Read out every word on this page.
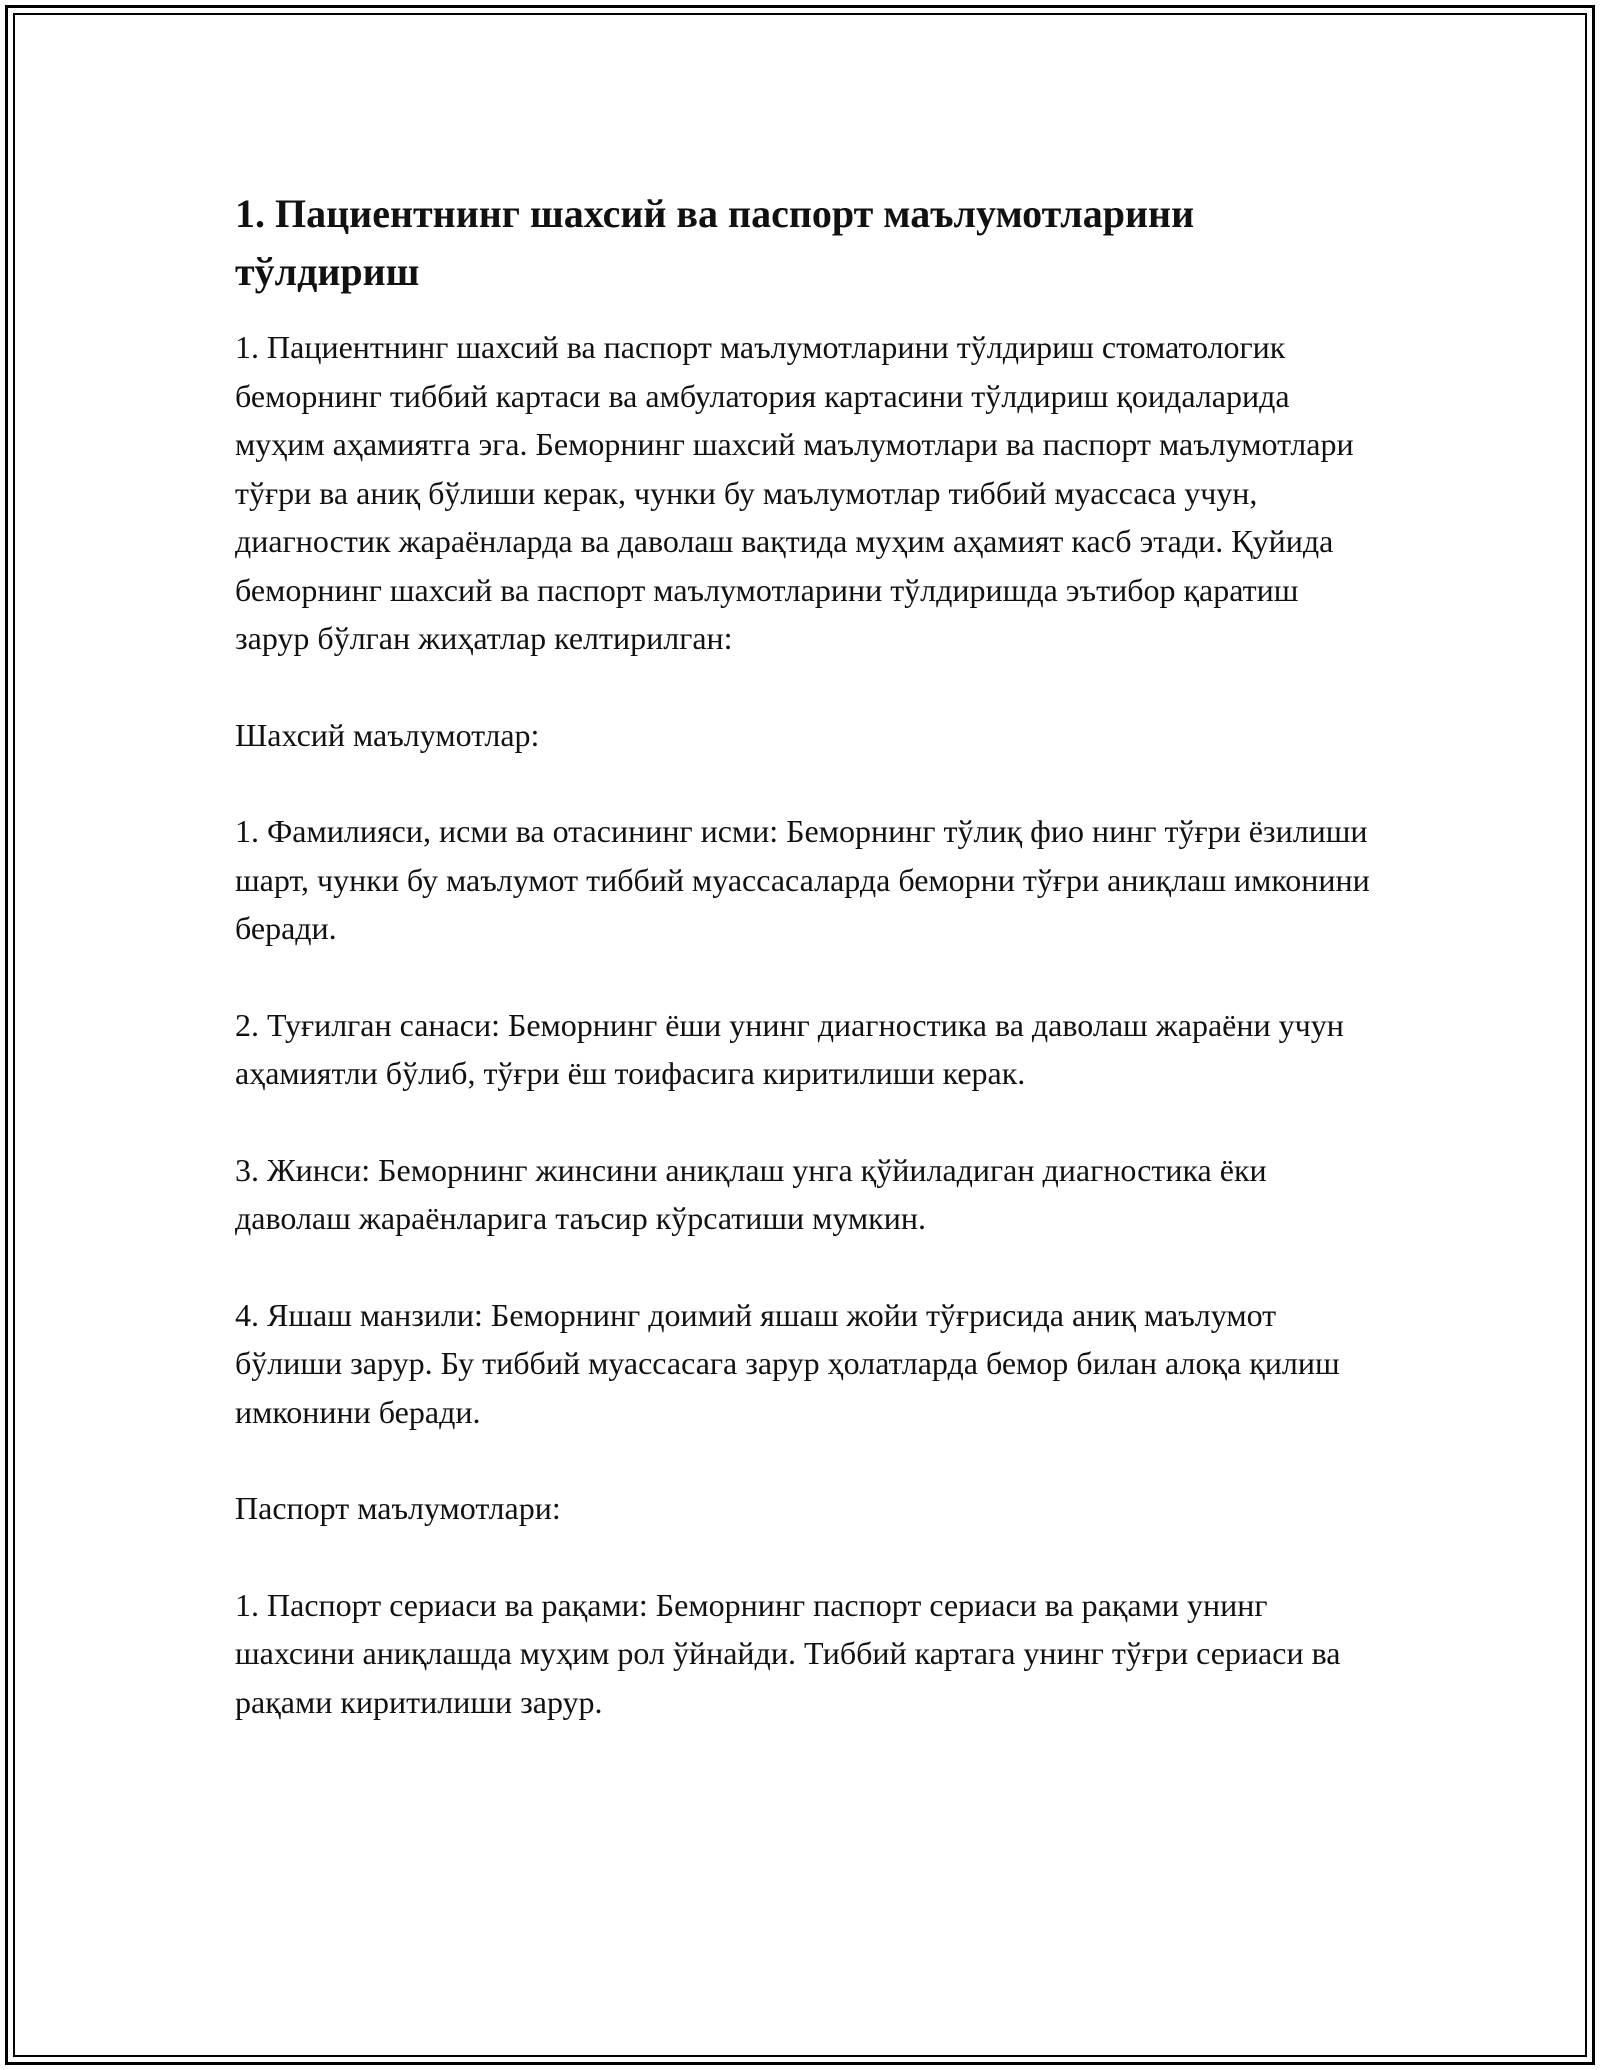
1. Пациентнинг шахсий ва паспорт маълумотларини тўлдириш

1. Пациентнинг шахсий ва паспорт маълумотларини тўлдириш стоматологик беморнинг тиббий картаси ва амбулатория картасини тўлдириш қоидаларида муҳим аҳамиятга эга. Беморнинг шахсий маълумотлари ва паспорт маълумотлари тўғри ва аниқ бўлиши керак, чунки бу маълумотлар тиббий муассаса учун, диагностик жараёнларда ва даволаш вақтида муҳим аҳамият касб этади. Қуйида беморнинг шахсий ва паспорт маълумотларини тўлдиришда эътибор қаратиш зарур бўлган жиҳатлар келтирилган:

Шахсий маълумотлар:

1. Фамилияси, исми ва отасининг исми: Беморнинг тўлиқ фио нинг тўғри ёзилиши шарт, чунки бу маълумот тиббий муассасаларда беморни тўғри аниқлаш имконини беради.

2. Туғилган санаси: Беморнинг ёши унинг диагностика ва даволаш жараёни учун аҳамиятли бўлиб, тўғри ёш тоифасига киритилиши керак.

3. Жинси: Беморнинг жинсини аниқлаш унга қўйиладиган диагностика ёки даволаш жараёнларига таъсир кўрсатиши мумкин.

4. Яшаш манзили: Беморнинг доимий яшаш жойи тўғрисида аниқ маълумот бўлиши зарур. Бу тиббий муассасага зарур ҳолатларда бемор билан алоқа қилиш имконини беради.

Паспорт маълумотлари:

1. Паспорт сериаси ва рақами: Беморнинг паспорт сериаси ва рақами унинг шахсини аниқлашда муҳим рол ўйнайди. Тиббий картага унинг тўғри сериаси ва рақами киритилиши зарур.
